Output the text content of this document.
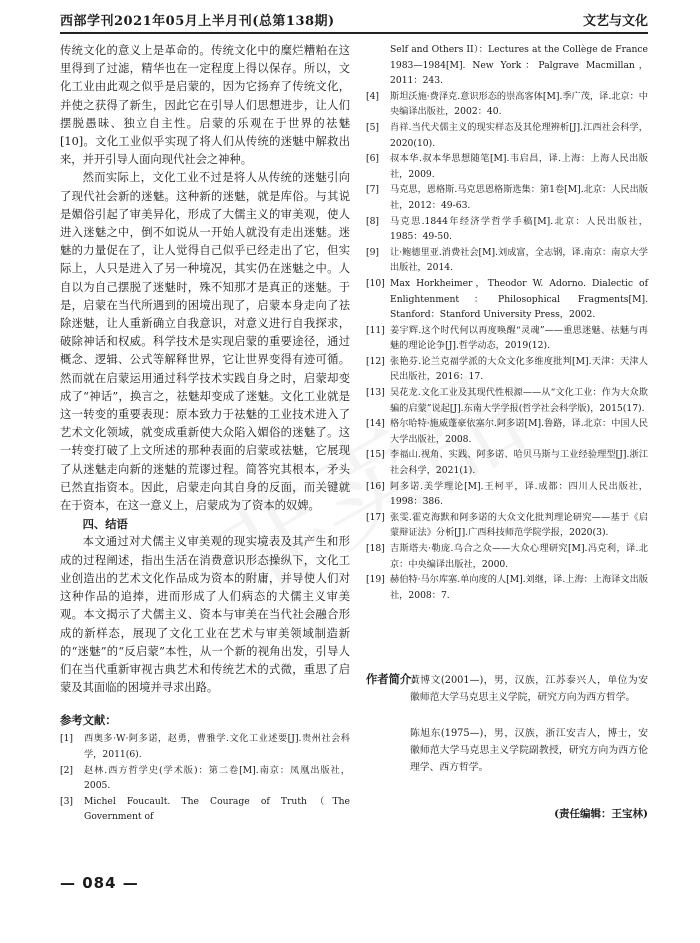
西部学刊2021年05月上半月刊(总第138期)	文艺与文化

传统文化的意义上是革命的。传统文化中的糜烂糟粕在这里得到了过滤，精华也在一定程度上得以保存。所以，文化工业由此观之似乎是启蒙的，因为它扬弃了传统文化，并使之获得了新生，因此它在引导人们思想进步，让人们摆脱愚昧、独立自主性。启蒙的乐观在于世界的祛魅[10]。文化工业似乎实现了将人们从传统的迷魅中解救出来，并开引导人面向现代社会之神种。

然而实际上，文化工业不过是将人从传统的迷魅引向了现代社会新的迷魅。这种新的迷魅，就是库俗。与其说是媚俗引起了审美异化，形成了大儒主义的审美观，使人进入迷魅之中，倒不如说从一开始人就没有走出迷魅。迷魅的力量促在了，让人觉得自己似乎已经走出了它，但实际上，人只是进入了另一种境况，其实仍在迷魅之中。人自以为自己摆脱了迷魅时，殊不知那才是真正的迷魅。于是，启蒙在当代所遇到的困境出现了，启蒙本身走向了祛除迷魅，让人重新确立自我意识，对意义进行自我探求，破除神话和权威。科学技术是实现启蒙的重要途径，通过概念、逻辑、公式等解释世界，它让世界变得有迹可循。然而就在启蒙运用通过科学技术实践自身之时，启蒙却变成了“神话”，换言之，祛魅却变成了迷魅。文化工业就是这一转变的重要表现：原本致力于祛魅的工业技术进入了艺术文化领域，就变成重新使大众陷入媚俗的迷魅了。这一转变打破了上文所述的那种表面的启蒙或祛魅，它展现了从迷魅走向新的迷魅的荒谬过程。简答究其根本，矛头已然直指资本。因此，启蒙走向其自身的反面，而关键就在于资本，在这一意义上，启蒙成为了资本的奴婢。

四、结语

本文通过对犬儒主义审美观的现实境表及其产生和形成的过程阐述，指出生活在消费意识形态操纵下，文化工业创造出的艺术文化作品成为资本的附庸，并导使人们对这种作品的追捧，进而形成了人们病态的犬儒主义审美观。本文揭示了犬儒主义、资本与审美在当代社会融合形成的新样态，展现了文化工业在艺术与审美领域制造新的“迷魅”的“反启蒙”本性，从一个新的视角出发，引导人们在当代重新审视古典艺术和传统艺术的式微，重思了启蒙及其面临的困境并寻求出路。

参考文献：

[1]	西奥多·W·阿多诺，赵勇，曹雅学.文化工业述要[J].贵州社会科学，2011(6).

[2]	赵林.西方哲学史(学术版)：第二卷[M].南京：凤凰出版社，2005.

[3]	Michel Foucault. The Courage of Truth（The Government of

Self and Others II）：Lectures at the Collège de France 1983—1984[M]. New York：Palgrave Macmillan，2011：243.

[4]	斯坦沃施·费泽克.意识形态的崇高客体[M].季广茂，译.北京：中央编译出版社，2002：40.

[5]	肖祥.当代犬儒主义的现实样态及其伦理辨析[J].江西社会科学，2020(10).

[6]	叔本华.叔本华思想随笔[M].韦启昌，译.上海：上海人民出版社，2009.

[7]	马克思，恩格斯.马克思恩格斯选集：第1卷[M].北京：人民出版社，2012：49-63.

[8]	马克思.1844年经济学哲学手稿[M].北京：人民出版社，1985：49-50.

[9]	让·鲍德里亚.消费社会[M].刘成富，全志钢，译.南京：南京大学出版社，2014.

[10] Max Horkheimer，Theodor W. Adorno. Dialectic of Enlightenment：Philosophical Fragments[M]. Stanford：Stanford University Press，2002.

[11] 姜宇辉.这个时代何以再度唤醒“灵魂”——重思迷魅、祛魅与再魅的理论论争[J].哲学动态，2019(12).

[12] 张艳芬.论兰克福学派的大众文化多维度批判[M].天津：天津人民出版社，2016：17.

[13] 吴花龙.文化工业及其现代性根源——从“文化工业：作为大众欺骗的启蒙”说起[J].东南大学学报(哲学社会科学版)，2015(17).

[14] 格尔哈特·施威蓬豪依塞尔.阿多诺[M].鲁路，译.北京：中国人民大学出版社，2008.

[15] 李福山.视角、实践、阿多诺、哈贝马斯与工业经验理型[J].浙江社会科学，2021(1).

[16] 阿多诺.美学理论[M].王柯平，译.成都：四川人民出版社，1998：386.

[17] 张雯.霍克海默和阿多诺的大众文化批判理论研究——基于《启蒙辩证法》分析[J].广西科技师范学院学报，2020(3).

[18] 吉斯塔夫·勒庞.乌合之众——大众心理研究[M].冯克利，译.北京：中央编译出版社，2000.

[19] 赫伯特·马尔库塞.单向度的人[M].刘继，译.上海：上海译文出版社，2008：7.

作者简介：
黄博文(2001—)，男，汉族，江苏泰兴人，单位为安徽师范大学马克思主义学院，研究方向为西方哲学。
陈旭东(1975—)，男，汉族，浙江安吉人，博士，安徽师范大学马克思主义学院副教授，研究方向为西方伦理学、西方哲学。
(责任编辑：王宝林)
— 084 —
